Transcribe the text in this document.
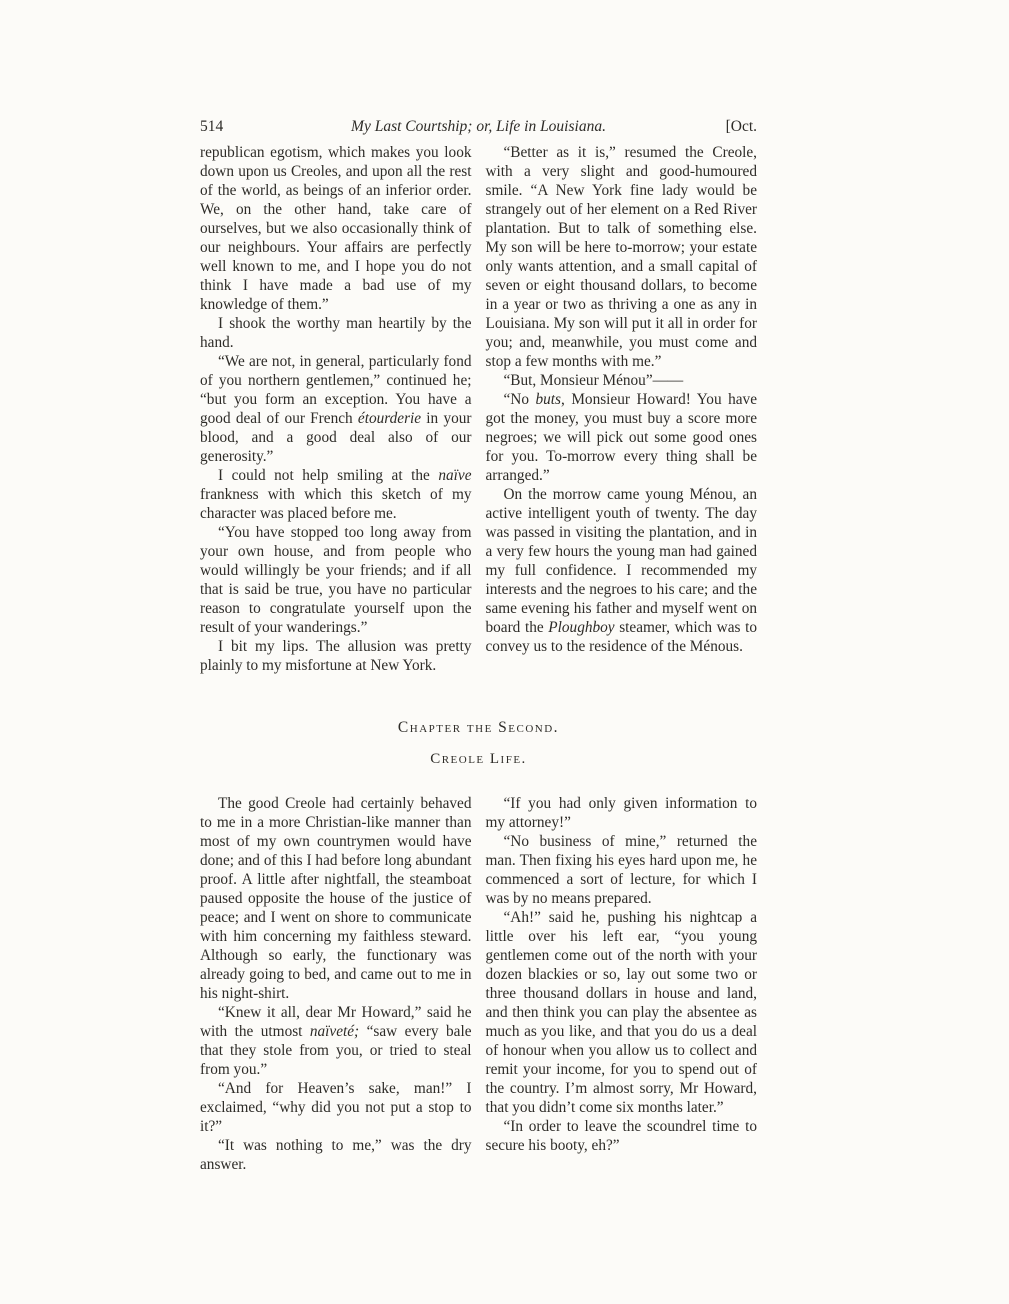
514	My Last Courtship; or, Life in Louisiana.	[Oct.

republican egotism, which makes you look down upon us Creoles, and upon all the rest of the world, as beings of an inferior order. We, on the other hand, take care of ourselves, but we also occasionally think of our neighbours. Your affairs are perfectly well known to me, and I hope you do not think I have made a bad use of my knowledge of them.”

I shook the worthy man heartily by the hand.

“We are not, in general, particularly fond of you northern gentlemen,” continued he; “but you form an exception. You have a good deal of our French étourderie in your blood, and a good deal also of our generosity.”

I could not help smiling at the naïve frankness with which this sketch of my character was placed before me.

“You have stopped too long away from your own house, and from people who would willingly be your friends; and if all that is said be true, you have no particular reason to congratulate yourself upon the result of your wanderings.”

I bit my lips. The allusion was pretty plainly to my misfortune at New York.

“Better as it is,” resumed the Creole, with a very slight and good-humoured smile. “A New York fine lady would be strangely out of her element on a Red River plantation. But to talk of something else. My son will be here to-morrow; your estate only wants attention, and a small capital of seven or eight thousand dollars, to become in a year or two as thriving a one as any in Louisiana. My son will put it all in order for you; and, meanwhile, you must come and stop a few months with me.”

“But, Monsieur Ménou”——

“No buts, Monsieur Howard! You have got the money, you must buy a score more negroes; we will pick out some good ones for you. To-morrow every thing shall be arranged.”

On the morrow came young Ménou, an active intelligent youth of twenty. The day was passed in visiting the plantation, and in a very few hours the young man had gained my full confidence. I recommended my interests and the negroes to his care; and the same evening his father and myself went on board the Ploughboy steamer, which was to convey us to the residence of the Ménous.

Chapter the Second.
Creole Life.

The good Creole had certainly behaved to me in a more Christian-like manner than most of my own countrymen would have done; and of this I had before long abundant proof. A little after nightfall, the steamboat paused opposite the house of the justice of peace; and I went on shore to communicate with him concerning my faithless steward. Although so early, the functionary was already going to bed, and came out to me in his night-shirt.

“Knew it all, dear Mr Howard,” said he with the utmost naïveté; “saw every bale that they stole from you, or tried to steal from you.”

“And for Heaven’s sake, man!” I exclaimed, “why did you not put a stop to it?”

“It was nothing to me,” was the dry answer.

“If you had only given information to my attorney!”

“No business of mine,” returned the man. Then fixing his eyes hard upon me, he commenced a sort of lecture, for which I was by no means prepared.

“Ah!” said he, pushing his nightcap a little over his left ear, “you young gentlemen come out of the north with your dozen blackies or so, lay out some two or three thousand dollars in house and land, and then think you can play the absentee as much as you like, and that you do us a deal of honour when you allow us to collect and remit your income, for you to spend out of the country. I’m almost sorry, Mr Howard, that you didn’t come six months later.”

“In order to leave the scoundrel time to secure his booty, eh?”
